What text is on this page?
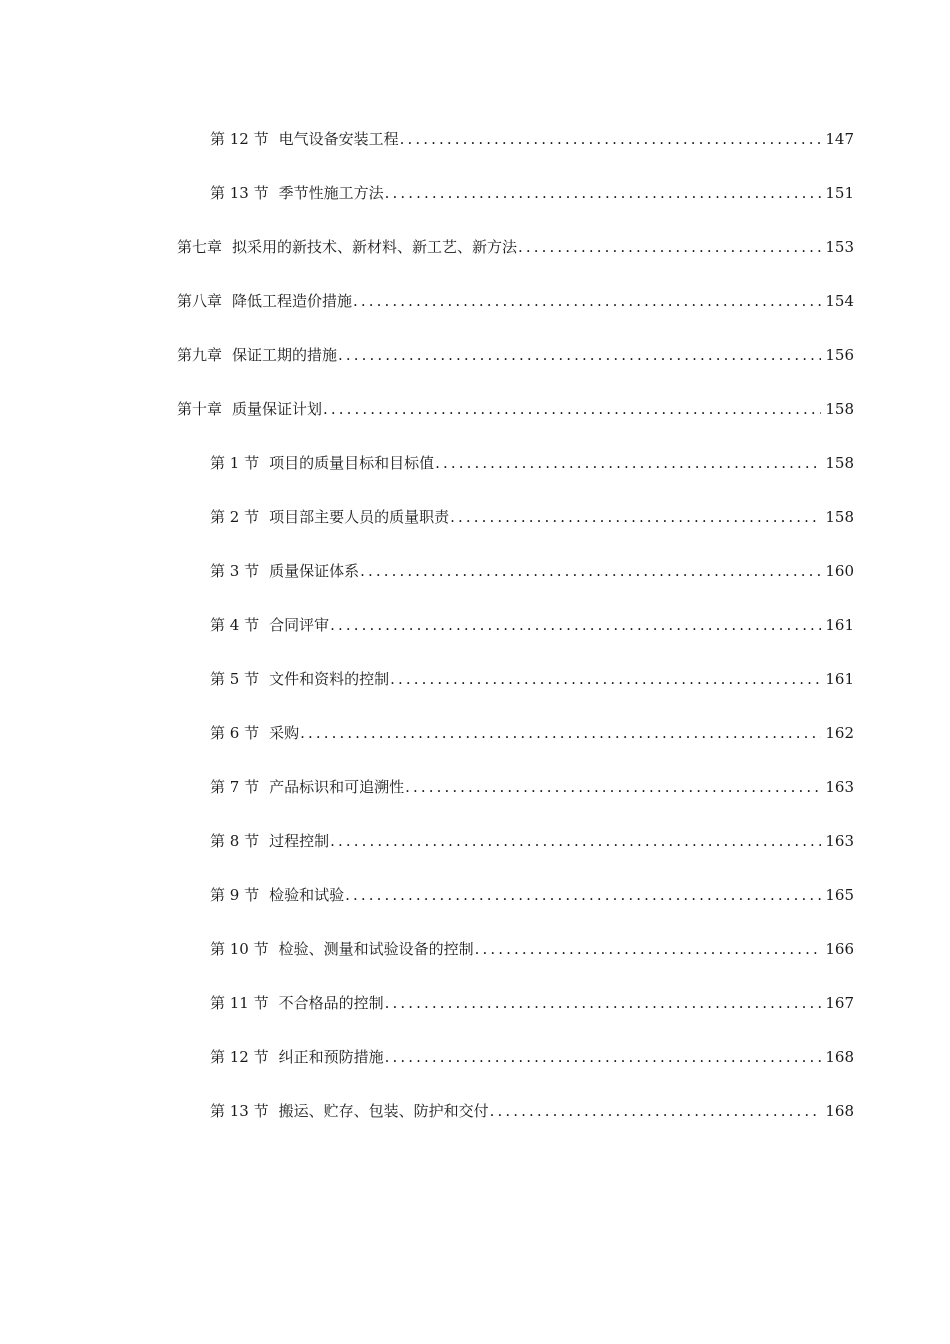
第 12 节 电气设备安装工程 .....	147
第 13 节 季节性施工方法 .....	151
第七章 拟采用的新技术、新材料、新工艺、新方法 .....	153
第八章 降低工程造价措施 .....	154
第九章 保证工期的措施 .....	156
第十章 质量保证计划 .....	158
第 1 节 项目的质量目标和目标值 .....	158
第 2 节 项目部主要人员的质量职责 .....	158
第 3 节 质量保证体系 .....	160
第 4 节 合同评审 .....	161
第 5 节 文件和资料的控制 .....	161
第 6 节 采购 .....	162
第 7 节 产品标识和可追溯性 .....	163
第 8 节 过程控制 .....	163
第 9 节 检验和试验 .....	165
第 10 节 检验、测量和试验设备的控制 .....	166
第 11 节 不合格品的控制 .....	167
第 12 节 纠正和预防措施 .....	168
第 13 节 搬运、贮存、包装、防护和交付 .....	168
